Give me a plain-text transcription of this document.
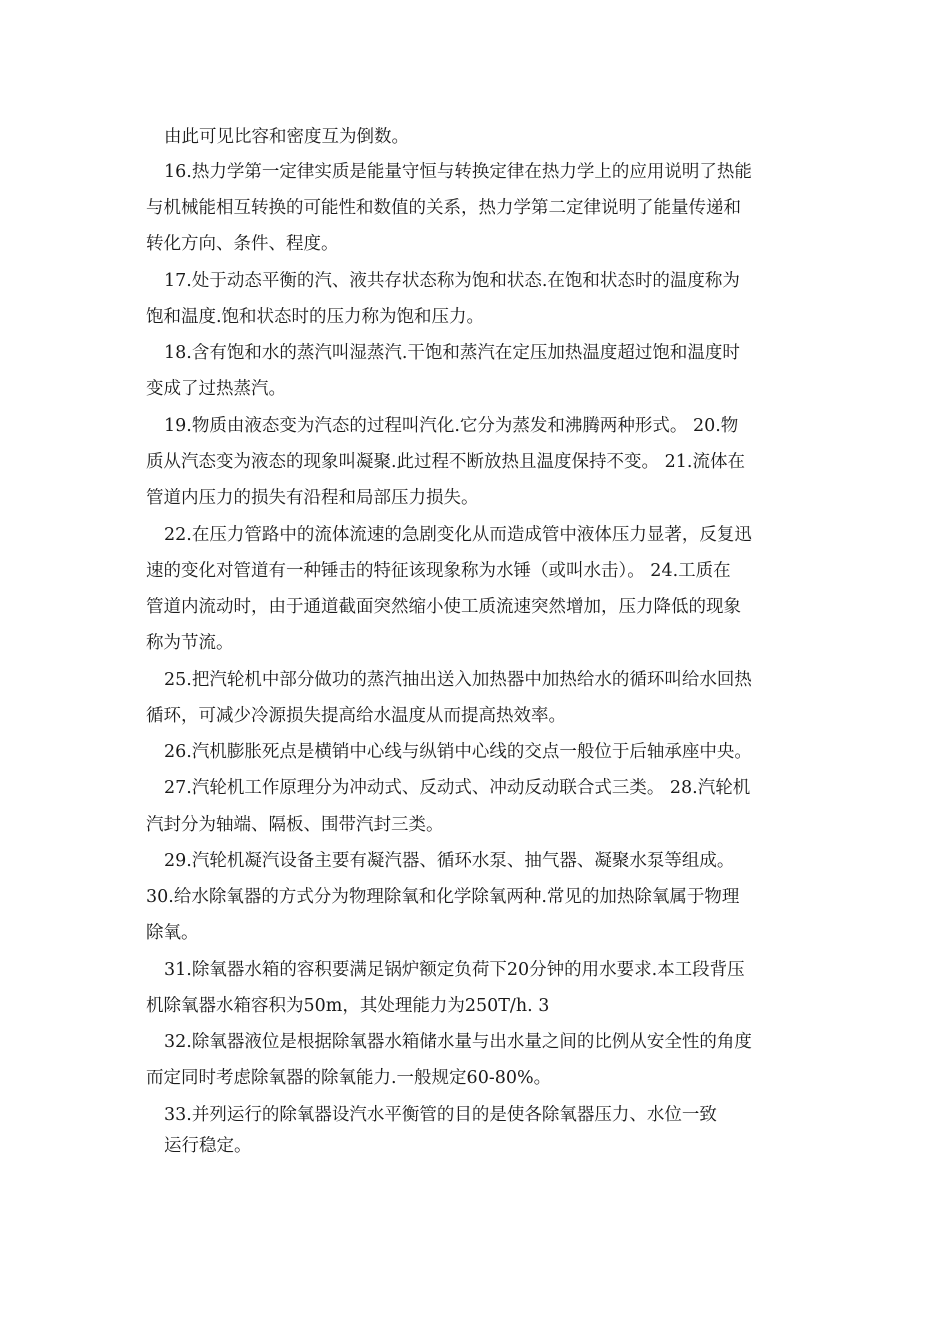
由此可见比容和密度互为倒数。
16.热力学第一定律实质是能量守恒与转换定律在热力学上的应用说明了热能
与机械能相互转换的可能性和数值的关系，热力学第二定律说明了能量传递和
转化方向、条件、程度。
17.处于动态平衡的汽、液共存状态称为饱和状态.在饱和状态时的温度称为
饱和温度.饱和状态时的压力称为饱和压力。
18.含有饱和水的蒸汽叫湿蒸汽.干饱和蒸汽在定压加热温度超过饱和温度时
变成了过热蒸汽。
19.物质由液态变为汽态的过程叫汽化.它分为蒸发和沸腾两种形式。 20.物
质从汽态变为液态的现象叫凝聚.此过程不断放热且温度保持不变。 21.流体在
管道内压力的损失有沿程和局部压力损失。
22.在压力管路中的流体流速的急剧变化从而造成管中液体压力显著，反复迅
速的变化对管道有一种锤击的特征该现象称为水锤（或叫水击）。 24.工质在
管道内流动时，由于通道截面突然缩小使工质流速突然增加，压力降低的现象
称为节流。
25.把汽轮机中部分做功的蒸汽抽出送入加热器中加热给水的循环叫给水回热
循环，可减少冷源损失提高给水温度从而提高热效率。
26.汽机膨胀死点是横销中心线与纵销中心线的交点一般位于后轴承座中央。
27.汽轮机工作原理分为冲动式、反动式、冲动反动联合式三类。 28.汽轮机
汽封分为轴端、隔板、围带汽封三类。
29.汽轮机凝汽设备主要有凝汽器、循环水泵、抽气器、凝聚水泵等组成。
30.给水除氧器的方式分为物理除氧和化学除氧两种.常见的加热除氧属于物理
除氧。
31.除氧器水箱的容积要满足锅炉额定负荷下20分钟的用水要求.本工段背压
机除氧器水箱容积为50m，其处理能力为250T/h. 3
32.除氧器液位是根据除氧器水箱储水量与出水量之间的比例从安全性的角度
而定同时考虑除氧器的除氧能力.一般规定60-80%。
33.并列运行的除氧器设汽水平衡管的目的是使各除氧器压力、水位一致
运行稳定。
